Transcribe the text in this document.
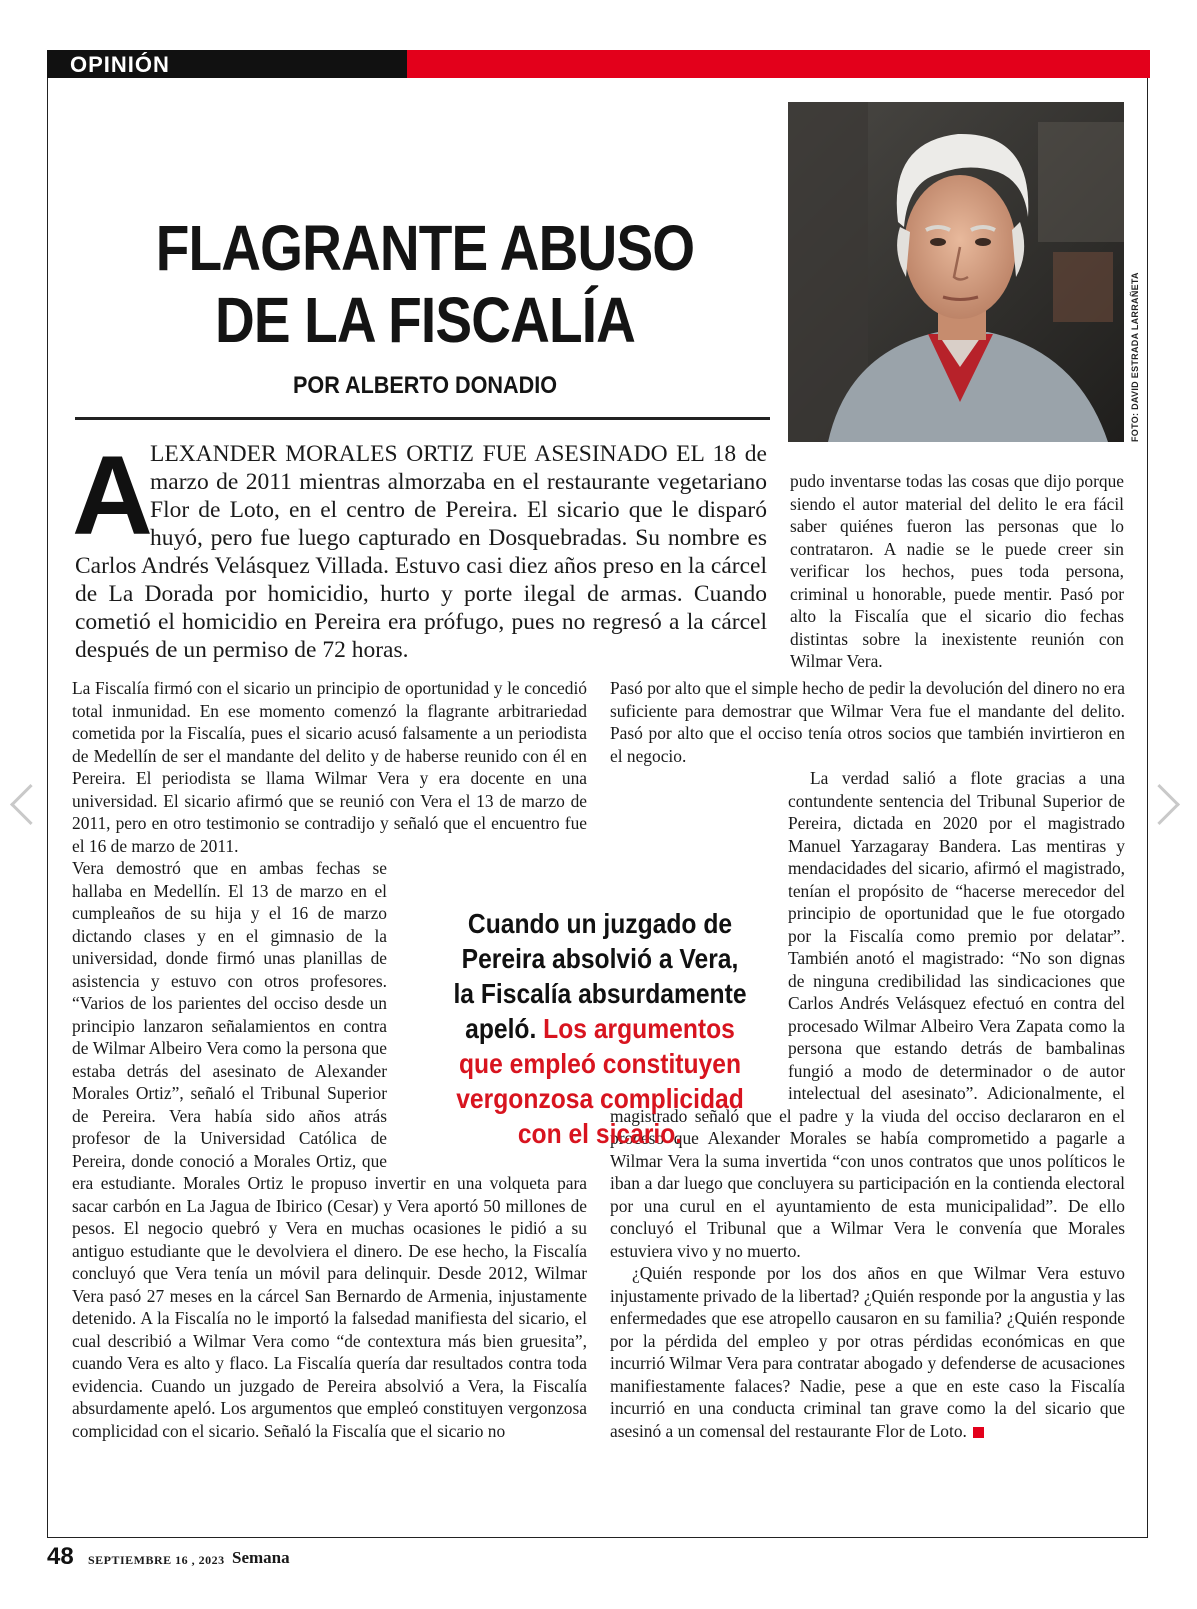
OPINIÓN
FLAGRANTE ABUSO DE LA FISCALÍA
POR ALBERTO DONADIO	FOTO: DAVID ESTRADA LARRAÑETA
A
LEXANDER MORALES ORTIZ FUE ASESINADO EL 18 de marzo de 2011 mientras almorzaba en el restaurante vegetariano Flor de Loto, en el centro de Pereira. El sicario que le disparó huyó, pero fue luego capturado en Dosquebradas. Su nombre es Carlos Andrés Velásquez Villada. Estuvo casi diez años preso en la cárcel de La Dorada por homicidio, hurto y porte ilegal de armas. Cuando cometió el homicidio en Pereira era prófugo, pues no regresó a la cárcel después de un permiso de 72 horas.
pudo inventarse todas las cosas que dijo porque siendo el autor material del delito le era fácil saber quiénes fueron las personas que lo contrataron. A nadie se le puede creer sin verificar los hechos, pues toda persona, criminal u honorable, puede mentir. Pasó por alto la Fiscalía que el sicario dio fechas distintas sobre la inexistente reunión con Wilmar Vera.

La Fiscalía firmó con el sicario un principio de oportunidad y le concedió total inmunidad. En ese momento comenzó la flagrante arbitrariedad cometida por la Fiscalía, pues el sicario acusó falsamente a un periodista de Medellín de ser el mandante del delito y de haberse reunido con él en Pereira. El periodista se llama Wilmar Vera y era docente en una universidad. El sicario afirmó que se reunió con Vera el 13 de marzo de 2011, pero en otro testimonio se contradijo y señaló que el encuentro fue el 16 de marzo de 2011.

Vera demostró que en ambas fechas se hallaba en Medellín. El 13 de marzo en el cumpleaños de su hija y el 16 de marzo dictando clases y en el gimnasio de la universidad, donde firmó unas planillas de asistencia y estuvo con otros profesores. “Varios de los parientes del occiso desde un principio lanzaron señalamientos en contra de Wilmar Albeiro Vera como la persona que estaba detrás del asesinato de Alexander Morales Ortiz”, señaló el Tribunal Superior de Pereira. Vera había sido años atrás profesor de la Universidad Católica de Pereira, donde conoció a Morales Ortiz, que era estudiante. Morales Ortiz le propuso invertir en una volqueta para sacar carbón en La Jagua de Ibirico (Cesar) y Vera aportó 50 millones de pesos. El negocio quebró y Vera en muchas ocasiones le pidió a su antiguo estudiante que le devolviera el dinero. De ese hecho, la Fiscalía concluyó que Vera tenía un móvil para delinquir. Desde 2012, Wilmar Vera pasó 27 meses en la cárcel San Bernardo de Armenia, injustamente detenido. A la Fiscalía no le importó la falsedad manifiesta del sicario, el cual describió a Wilmar Vera como “de contextura más bien gruesita”, cuando Vera es alto y flaco. La Fiscalía quería dar resultados contra toda evidencia. Cuando un juzgado de Pereira absolvió a Vera, la Fiscalía absurdamente apeló. Los argumentos que empleó constituyen vergonzosa complicidad con el sicario. Señaló la Fiscalía que el sicario no

Pasó por alto que el simple hecho de pedir la devolución del dinero no era suficiente para demostrar que Wilmar Vera fue el mandante del delito. Pasó por alto que el occiso tenía otros socios que también invirtieron en el negocio.

La verdad salió a flote gracias a una contundente sentencia del Tribunal Superior de Pereira, dictada en 2020 por el magistrado Manuel Yarzagaray Bandera. Las mentiras y mendacidades del sicario, afirmó el magistrado, tenían el propósito de “hacerse merecedor del principio de oportunidad que le fue otorgado por la Fiscalía como premio por delatar”. También anotó el magistrado: “No son dignas de ninguna credibilidad las sindicaciones que Carlos Andrés Velásquez efectuó en contra del procesado Wilmar Albeiro Vera Zapata como la persona que estando detrás de bambalinas fungió a modo de determinador o de autor intelectual del asesinato”. Adicionalmente, el magistrado señaló que el padre y la viuda del occiso declararon en el proceso que Alexander Morales se había comprometido a pagarle a Wilmar Vera la suma invertida “con unos contratos que unos políticos le iban a dar luego que concluyera su participación en la contienda electoral por una curul en el ayuntamiento de esta municipalidad”. De ello concluyó el Tribunal que a Wilmar Vera le convenía que Morales estuviera vivo y no muerto.

¿Quién responde por los dos años en que Wilmar Vera estuvo injustamente privado de la libertad? ¿Quién responde por la angustia y las enfermedades que ese atropello causaron en su familia? ¿Quién responde por la pérdida del empleo y por otras pérdidas económicas en que incurrió Wilmar Vera para contratar abogado y defenderse de acusaciones manifiestamente falaces? Nadie, pese a que en este caso la Fiscalía incurrió en una conducta criminal tan grave como la del sicario que asesinó a un comensal del restaurante Flor de Loto.

Cuando un juzgado de Pereira absolvió a Vera, la Fiscalía absurdamente apeló. Los argumentos que empleó constituyen vergonzosa complicidad con el sicario.
48 SEPTIEMBRE 16 , 2023 Semana
